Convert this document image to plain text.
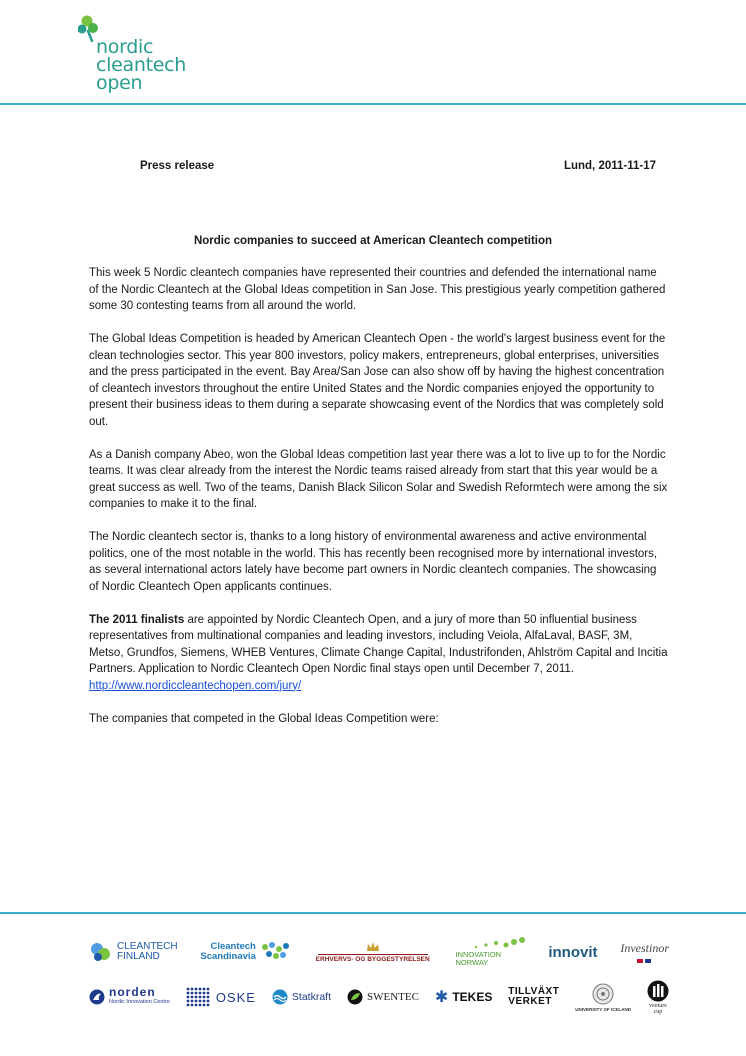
nordic
cleantech
open
Press release	Lund, 2011-11-17
Nordic companies to succeed at American Cleantech competition

This week 5 Nordic cleantech companies have represented their countries and defended the international name of the Nordic Cleantech at the Global Ideas competition in San Jose. This prestigious yearly competition gathered some 30 contesting teams from all around the world.

The Global Ideas Competition is headed by American Cleantech Open - the world's largest business event for the clean technologies sector. This year 800 investors, policy makers, entrepreneurs, global enterprises, universities and the press participated in the event. Bay Area/San Jose can also show off by having the highest concentration of cleantech investors throughout the entire United States and the Nordic companies enjoyed the opportunity to present their business ideas to them during a separate showcasing event of the Nordics that was completely sold out.

As a Danish company Abeo, won the Global Ideas competition last year there was a lot to live up to for the Nordic teams. It was clear already from the interest the Nordic teams raised already from start that this year would be a great success as well. Two of the teams, Danish Black Silicon Solar and Swedish Reformtech were among the six companies to make it to the final.

The Nordic cleantech sector is, thanks to a long history of environmental awareness and active environmental politics, one of the most notable in the world. This has recently been recognised more by international investors, as several international actors lately have become part owners in Nordic cleantech companies. The showcasing of Nordic Cleantech Open applicants continues.

The 2011 finalists are appointed by Nordic Cleantech Open, and a jury of more than 50 influential business representatives from multinational companies and leading investors, including Veiola, AlfaLaval, BASF, 3M, Metso, Grundfos, Siemens, WHEB Ventures, Climate Change Capital, Industrifonden, Ahlström Capital and Incitia Partners. Application to Nordic Cleantech Open Nordic final stays open until December 7, 2011.
http://www.nordiccleantechopen.com/jury/

The companies that competed in the Global Ideas Competition were:

CLEANTECH
FINLAND
Cleantech
Scandinavia	ERHVERVS- OG BYGGESTYRELSEN
INNOVATION
NORWAY
innovit Investinor
norden
Nordic Innovation Centre	OSKE	Statkraft	SWENTEC ✱ TEKES TILLVÄXT
VERKET
UNIVERSITY OF ICELAND
venture
cup
